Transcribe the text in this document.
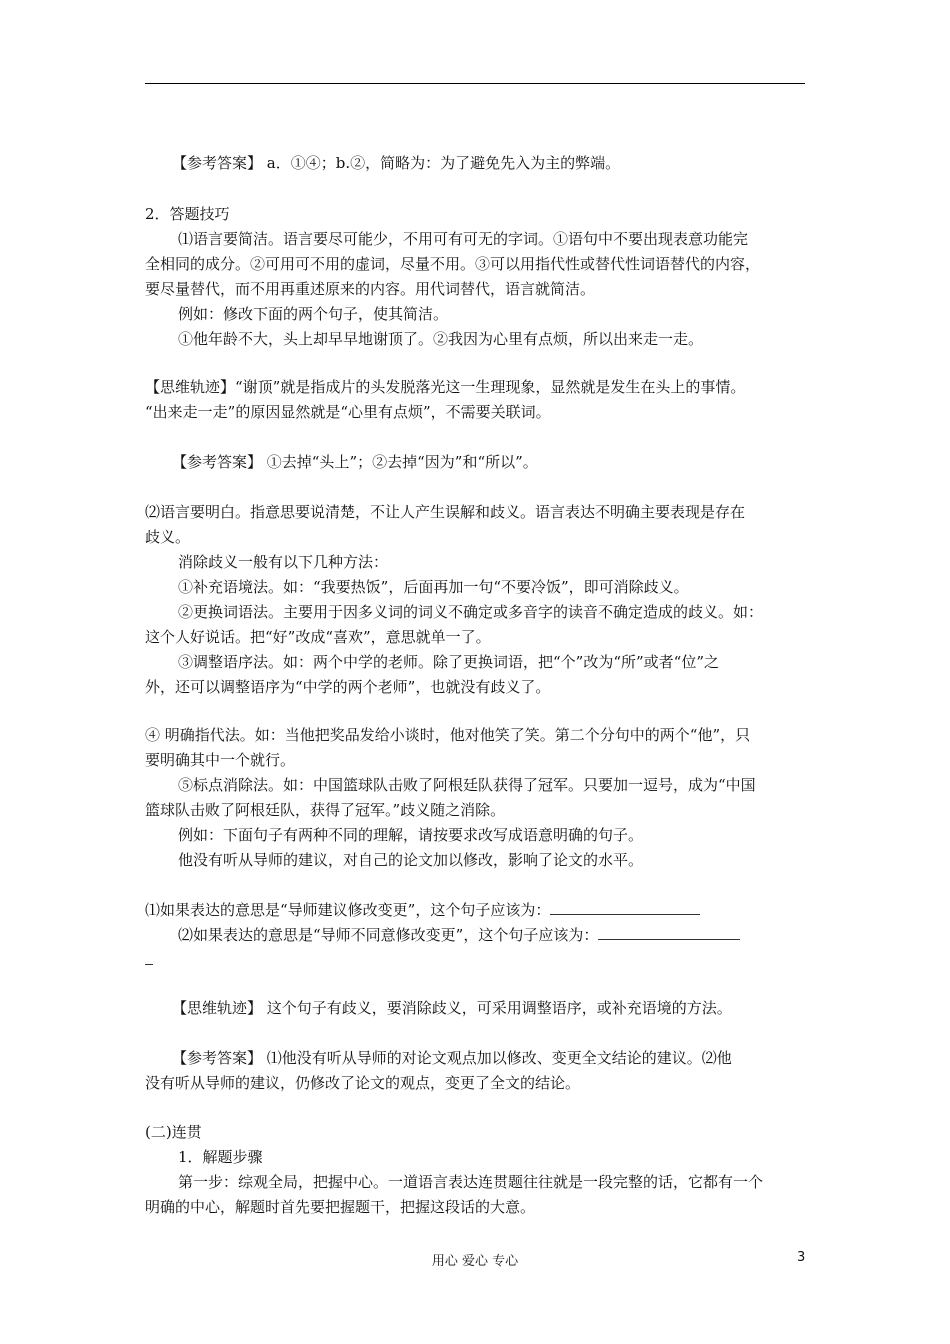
【参考答案】 a．①④；b.②，简略为：为了避免先入为主的弊端。
2．答题技巧
⑴语言要简洁。语言要尽可能少，不用可有可无的字词。①语句中不要出现表意功能完
全相同的成分。②可用可不用的虚词，尽量不用。③可以用指代性或替代性词语替代的内容，
要尽量替代，而不用再重述原来的内容。用代词替代，语言就简洁。
例如：修改下面的两个句子，使其简洁。
①他年龄不大，头上却早早地谢顶了。②我因为心里有点烦，所以出来走一走。
【思维轨迹】“谢顶”就是指成片的头发脱落光这一生理现象，显然就是发生在头上的事情。
“出来走一走”的原因显然就是“心里有点烦”，不需要关联词。
【参考答案】 ①去掉“头上”；②去掉“因为”和“所以”。
⑵语言要明白。指意思要说清楚，不让人产生误解和歧义。语言表达不明确主要表现是存在
歧义。
消除歧义一般有以下几种方法：
①补充语境法。如：“我要热饭”，后面再加一句“不要冷饭”，即可消除歧义。
②更换词语法。主要用于因多义词的词义不确定或多音字的读音不确定造成的歧义。如：
这个人好说话。把“好”改成“喜欢”，意思就单一了。
③调整语序法。如：两个中学的老师。除了更换词语，把“个”改为“所”或者“位”之
外，还可以调整语序为“中学的两个老师”，也就没有歧义了。
④ 明确指代法。如：当他把奖品发给小谈时，他对他笑了笑。第二个分句中的两个“他”，只
要明确其中一个就行。
⑤标点消除法。如：中国篮球队击败了阿根廷队获得了冠军。只要加一逗号，成为“中国
篮球队击败了阿根廷队，获得了冠军。”歧义随之消除。
例如：下面句子有两种不同的理解，请按要求改写成语意明确的句子。
他没有听从导师的建议，对自己的论文加以修改，影响了论文的水平。
⑴如果表达的意思是“导师建议修改变更”，这个句子应该为：
⑵如果表达的意思是“导师不同意修改变更”，这个句子应该为：
【思维轨迹】 这个句子有歧义，要消除歧义，可采用调整语序，或补充语境的方法。
【参考答案】 ⑴他没有听从导师的对论文观点加以修改、变更全文结论的建议。⑵他
没有听从导师的建议，仍修改了论文的观点，变更了全文的结论。
(二)连贯
1．解题步骤
第一步：综观全局，把握中心。一道语言表达连贯题往往就是一段完整的话，它都有一个
明确的中心，解题时首先要把握题干，把握这段话的大意。
用心 爱心 专心	3
